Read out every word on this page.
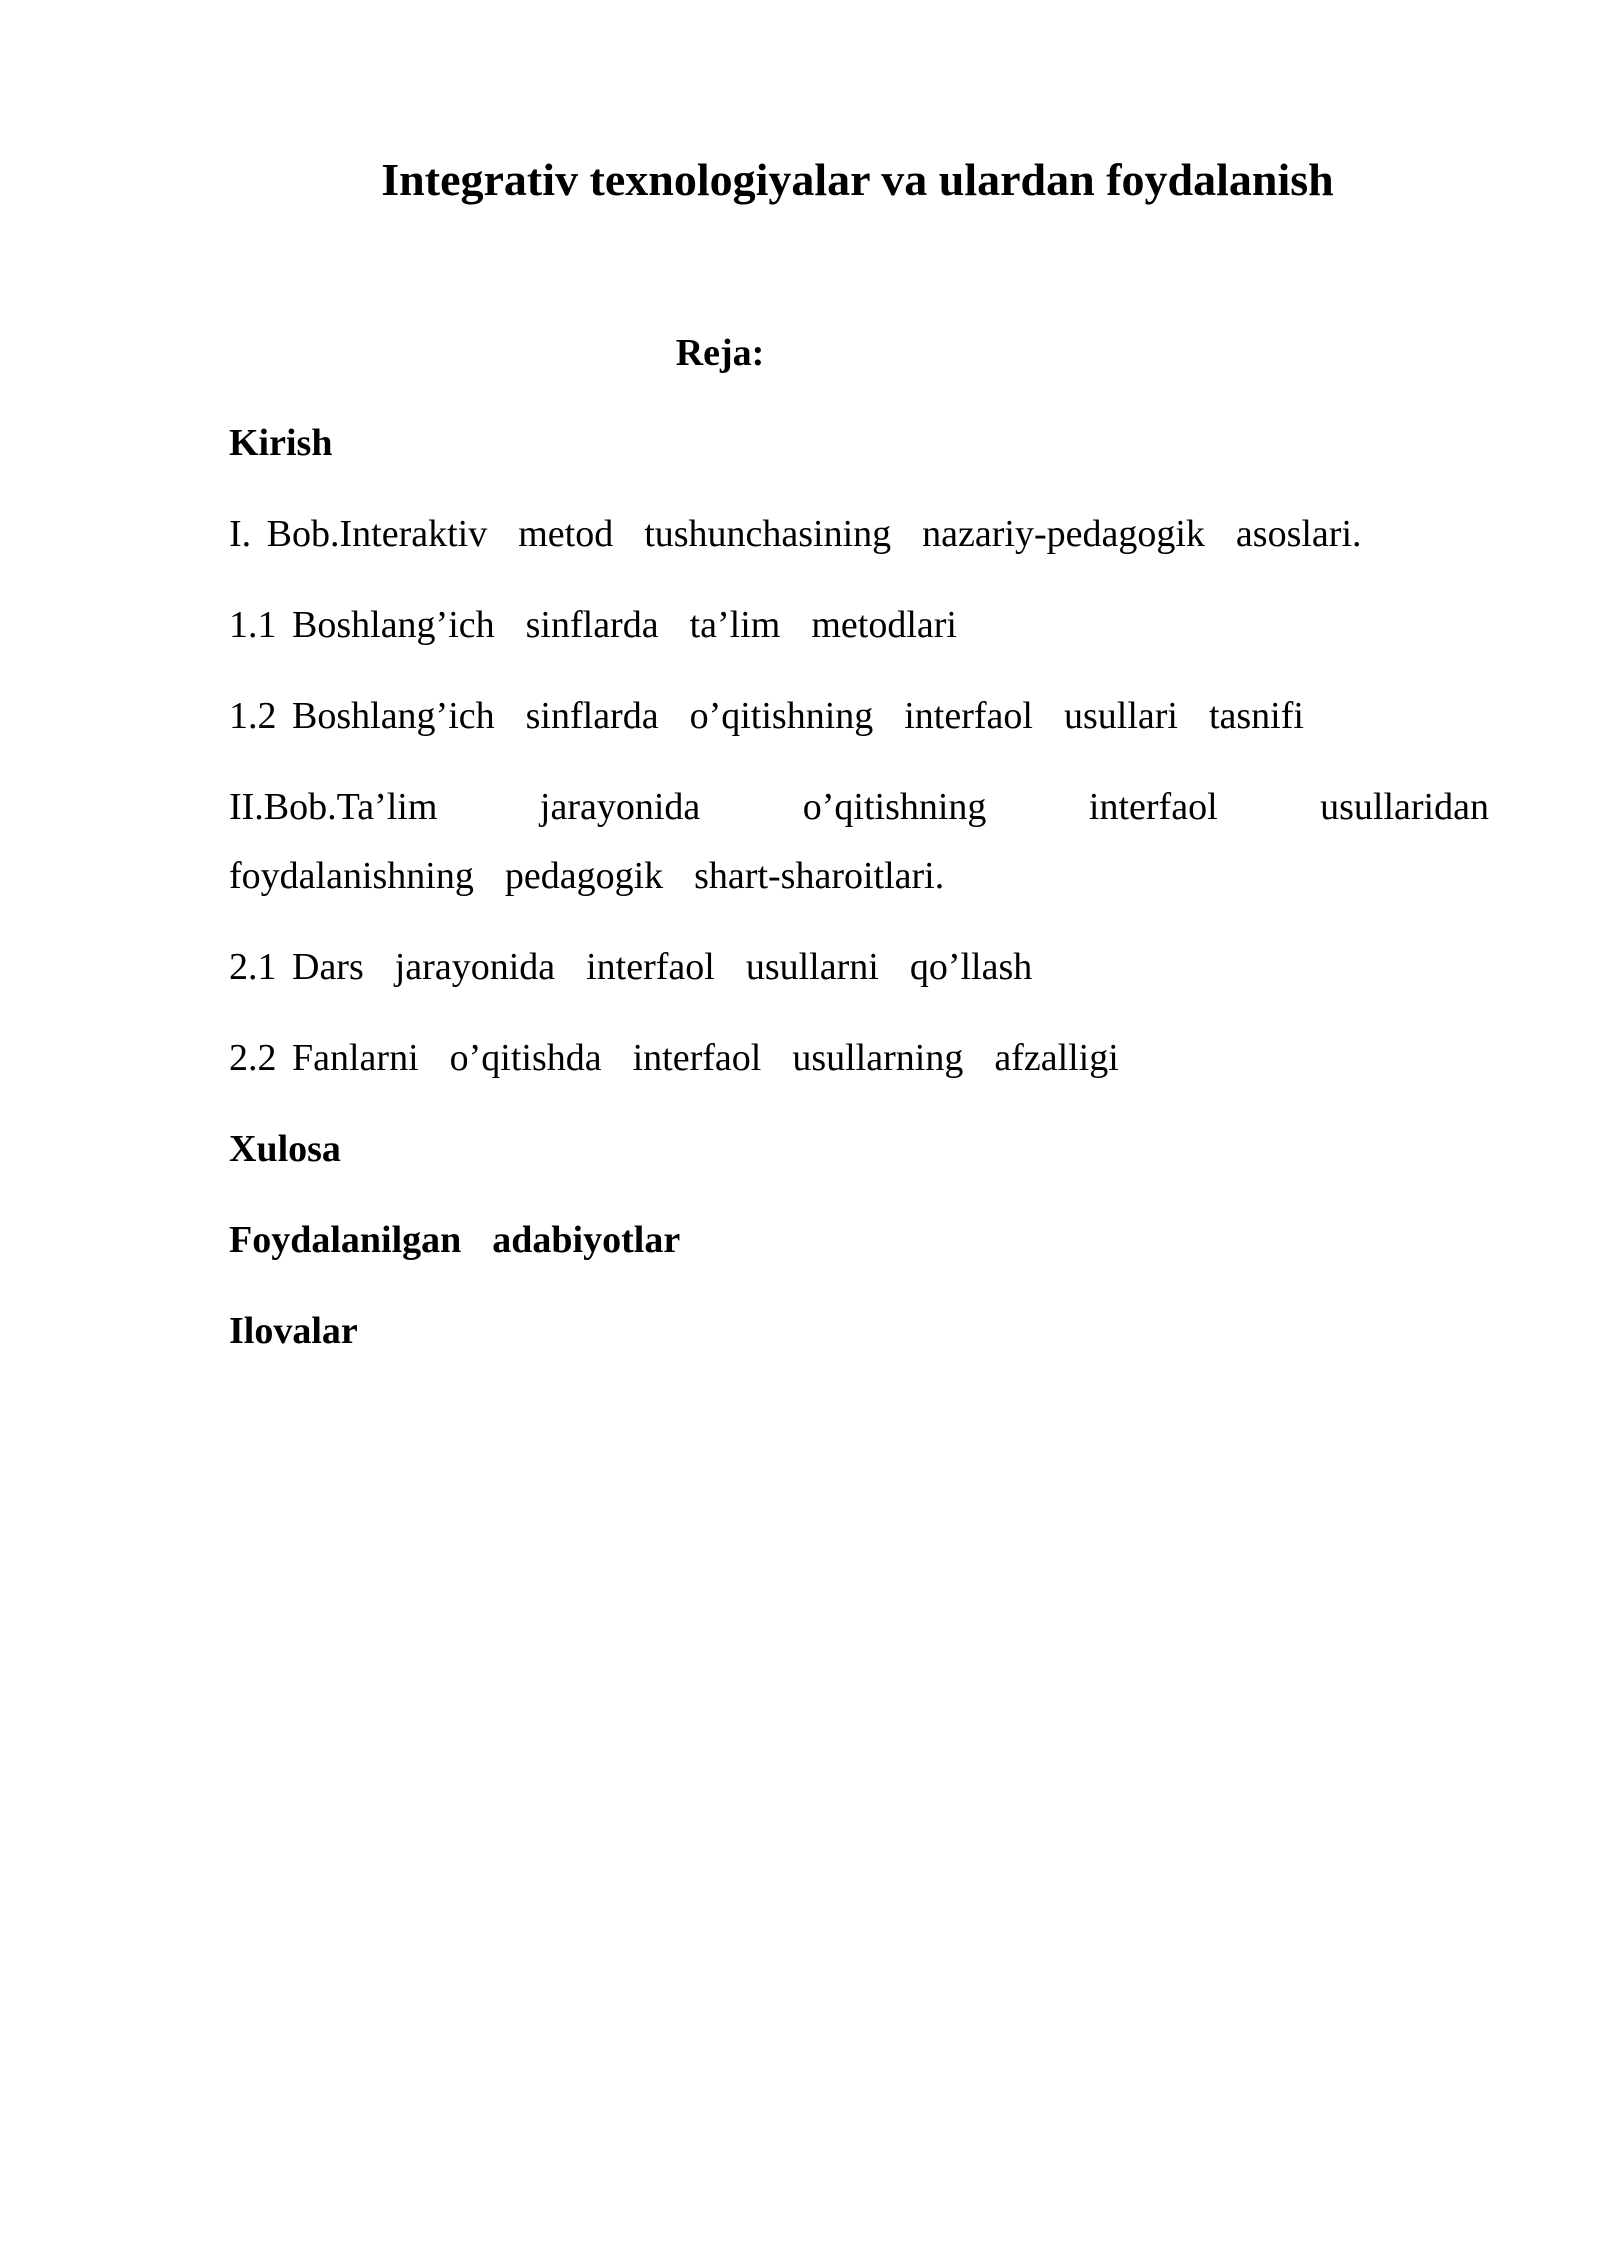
Integrativ texnologiyalar va ulardan foydalanish
Reja:
Kirish
I. Bob.Interaktiv  metod  tushunchasining  nazariy-pedagogik  asoslari.
1.1 Boshlang’ich  sinflarda  ta’lim  metodlari
1.2 Boshlang’ich  sinflarda  o’qitishning  interfaol  usullari  tasnifi
II.Bob.Ta’lim	jarayonida	o’qitishning	interfaol	usullaridan
foydalanishning  pedagogik  shart-sharoitlari.
2.1 Dars  jarayonida  interfaol  usullarni  qo’llash
2.2 Fanlarni  o’qitishda  interfaol  usullarning  afzalligi
Xulosa
Foydalanilgan  adabiyotlar
Ilovalar
